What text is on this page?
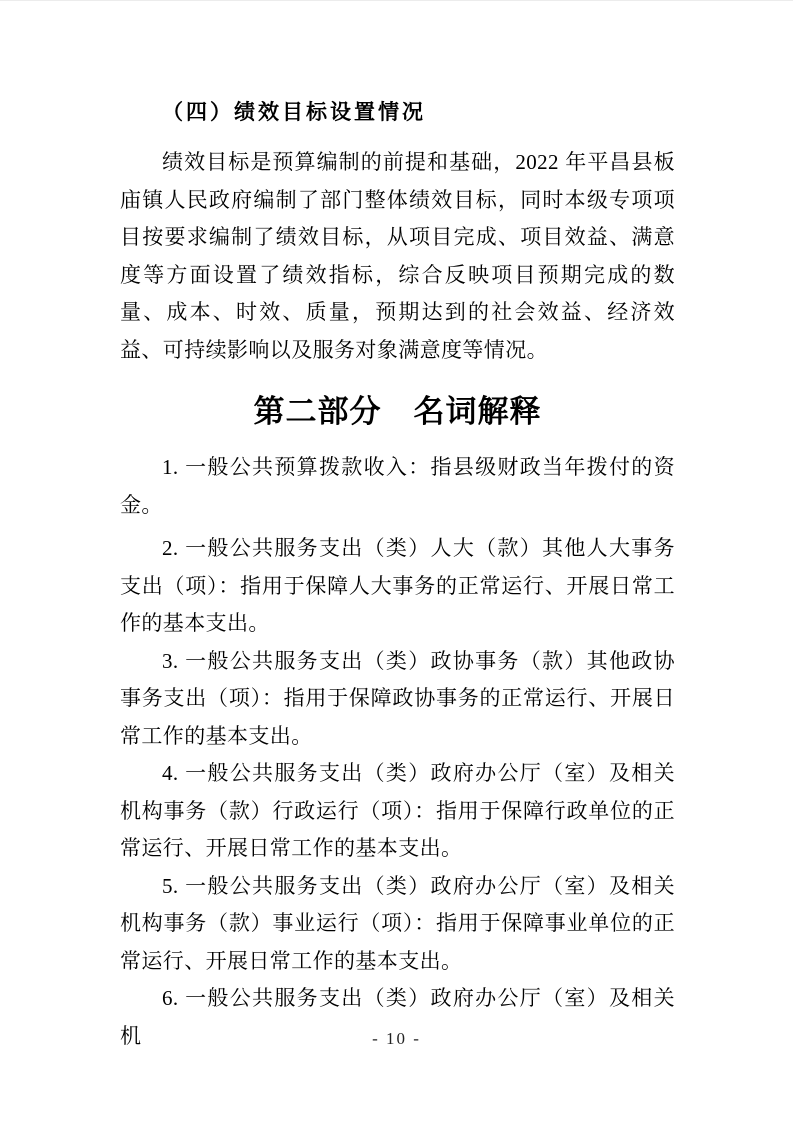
（四）绩效目标设置情况

绩效目标是预算编制的前提和基础，2022 年平昌县板庙镇人民政府编制了部门整体绩效目标，同时本级专项项目按要求编制了绩效目标，从项目完成、项目效益、满意度等方面设置了绩效指标，综合反映项目预期完成的数量、成本、时效、质量，预期达到的社会效益、经济效益、可持续影响以及服务对象满意度等情况。

第二部分　名词解释

1. 一般公共预算拨款收入：指县级财政当年拨付的资金。

2. 一般公共服务支出（类）人大（款）其他人大事务支出（项）：指用于保障人大事务的正常运行、开展日常工作的基本支出。

3. 一般公共服务支出（类）政协事务（款）其他政协事务支出（项）：指用于保障政协事务的正常运行、开展日常工作的基本支出。

4. 一般公共服务支出（类）政府办公厅（室）及相关机构事务（款）行政运行（项）：指用于保障行政单位的正常运行、开展日常工作的基本支出。

5. 一般公共服务支出（类）政府办公厅（室）及相关机构事务（款）事业运行（项）：指用于保障事业单位的正常运行、开展日常工作的基本支出。

6. 一般公共服务支出（类）政府办公厅（室）及相关机	- 10 -
